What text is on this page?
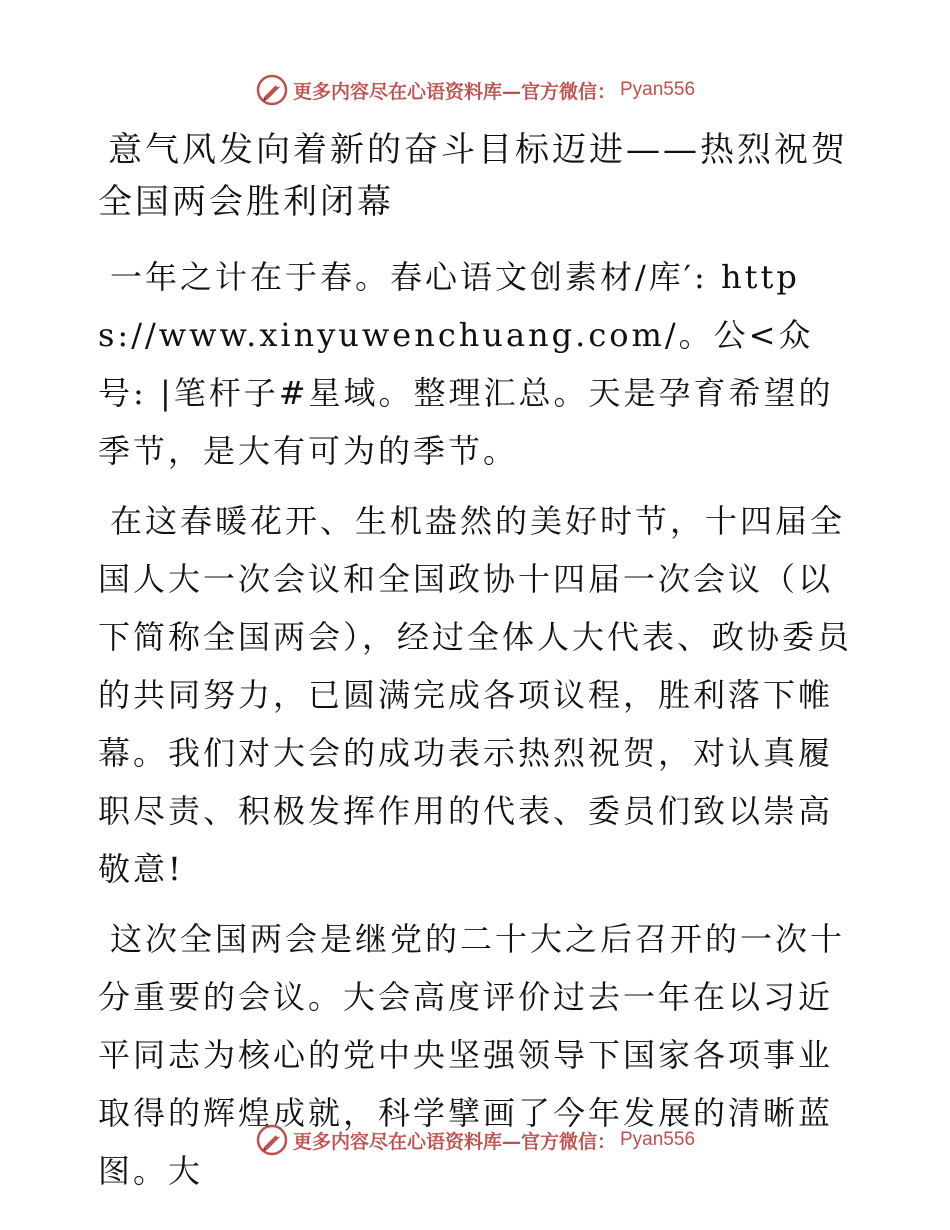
更多内容尽在心语资料库—官方微信： Pyan556
意气风发向着新的奋斗目标迈进——热烈祝贺全国两会胜利闭幕

一年之计在于春。春心语文创素材/库′: https://www.xinyuwenchuang.com/。公<众号: |笔杆子#星域。整理汇总。天是孕育希望的季节，是大有可为的季节。

在这春暖花开、生机盎然的美好时节，十四届全国人大一次会议和全国政协十四届一次会议（以下简称全国两会），经过全体人大代表、政协委员的共同努力，已圆满完成各项议程，胜利落下帷幕。我们对大会的成功表示热烈祝贺，对认真履职尽责、积极发挥作用的代表、委员们致以崇高敬意!

这次全国两会是继党的二十大之后召开的一次十分重要的会议。大会高度评价过去一年在以习近平同志为核心的党中央坚强领导下国家各项事业取得的辉煌成就，科学擘画了今年发展的清晰蓝图。大

更多内容尽在心语资料库—官方微信： Pyan556
